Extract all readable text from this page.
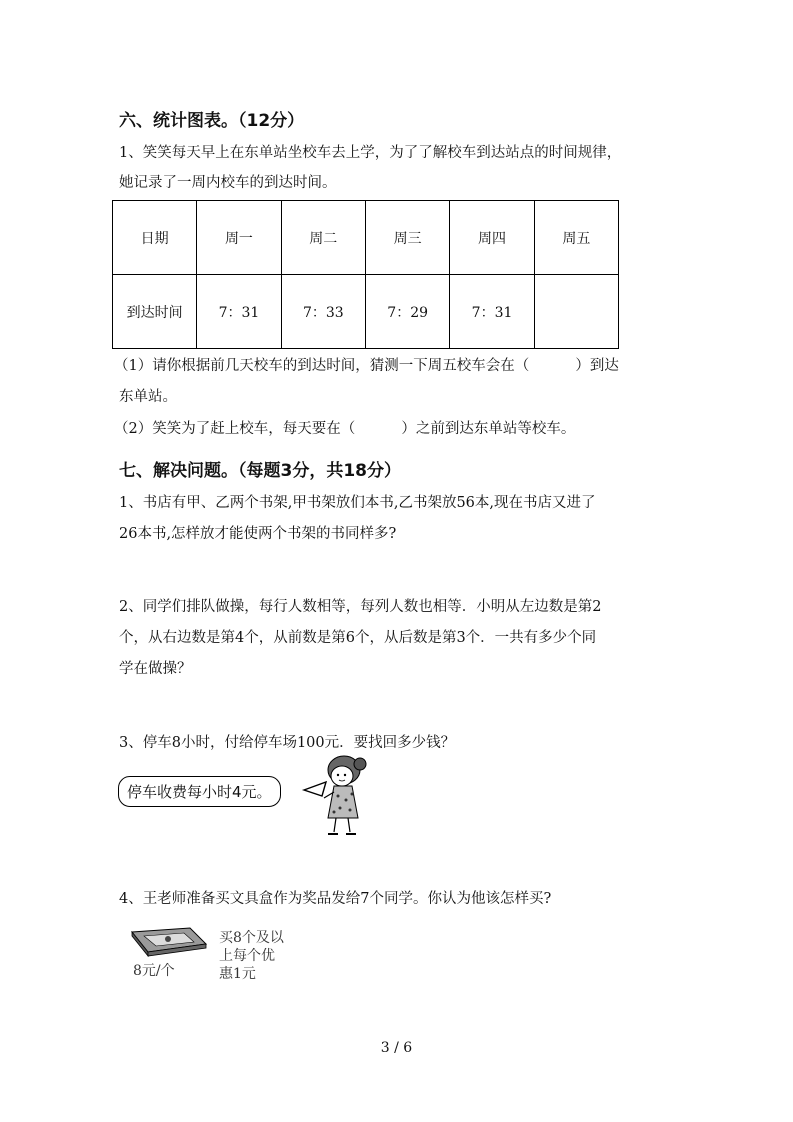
六、统计图表。（12分）
1、笑笑每天早上在东单站坐校车去上学，为了了解校车到达站点的时间规律，
她记录了一周内校车的到达时间。
日期	周一	周二	周三	周四	周五
到达时间	7：31	7：33	7：29	7：31	
（1）请你根据前几天校车的到达时间，猜测一下周五校车会在（          ）到达
东单站。
（2）笑笑为了赶上校车，每天要在（          ）之前到达东单站等校车。
七、解决问题。（每题3分，共18分）
1、书店有甲、乙两个书架,甲书架放们本书,乙书架放56本,现在书店又进了
26本书,怎样放才能使两个书架的书同样多?
2、同学们排队做操，每行人数相等，每列人数也相等．小明从左边数是第2
个，从右边数是第4个，从前数是第6个，从后数是第3个．一共有多少个同
学在做操？
3、停车8小时，付给停车场100元．要找回多少钱？
停车收费每小时4元。
4、王老师准备买文具盒作为奖品发给7个同学。你认为他该怎样买?
8元/个
买8个及以
上每个优
惠1元
3 / 6
